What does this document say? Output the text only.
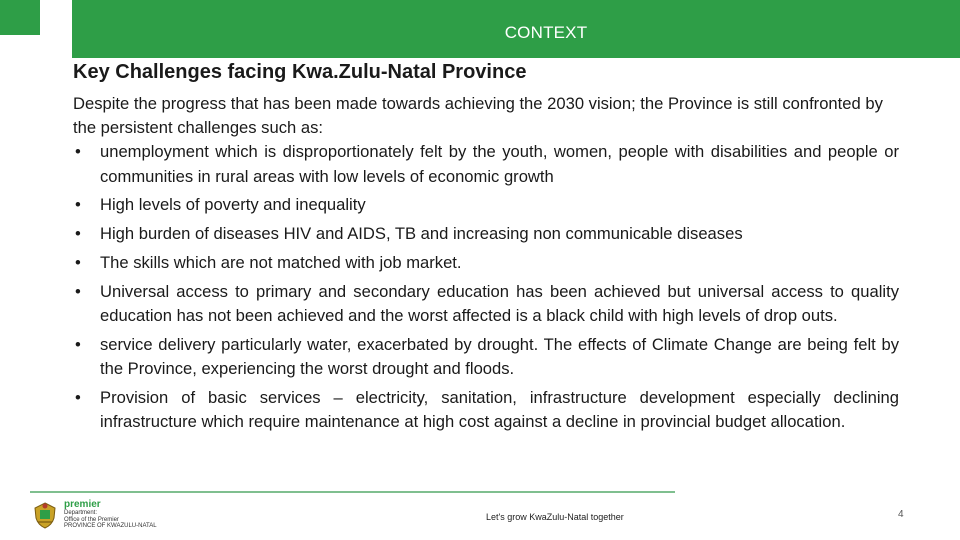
CONTEXT
Key Challenges facing Kwa.Zulu-Natal Province

Despite the progress that has been made towards achieving the 2030 vision; the Province is still confronted by the persistent challenges such as:

• unemployment which is disproportionately felt by the youth, women, people with disabilities and people or communities in rural areas with low levels of economic growth
• High levels of poverty and inequality
• High burden of diseases HIV and AIDS, TB and increasing non communicable diseases
• The skills which are not matched with job market.
• Universal access to primary and secondary education has been achieved but universal access to quality education has not been achieved and the worst affected is a black child with high levels of drop outs.
• service delivery particularly water, exacerbated by drought. The effects of Climate Change are being felt by the Province, experiencing the worst drought and floods.
• Provision of basic services – electricity, sanitation, infrastructure development especially declining infrastructure which require maintenance at high cost against a decline in provincial budget allocation.
premier
Department:
Office of the Premier
PROVINCE OF KWAZULU-NATAL
Let's grow KwaZulu-Natal together	4
